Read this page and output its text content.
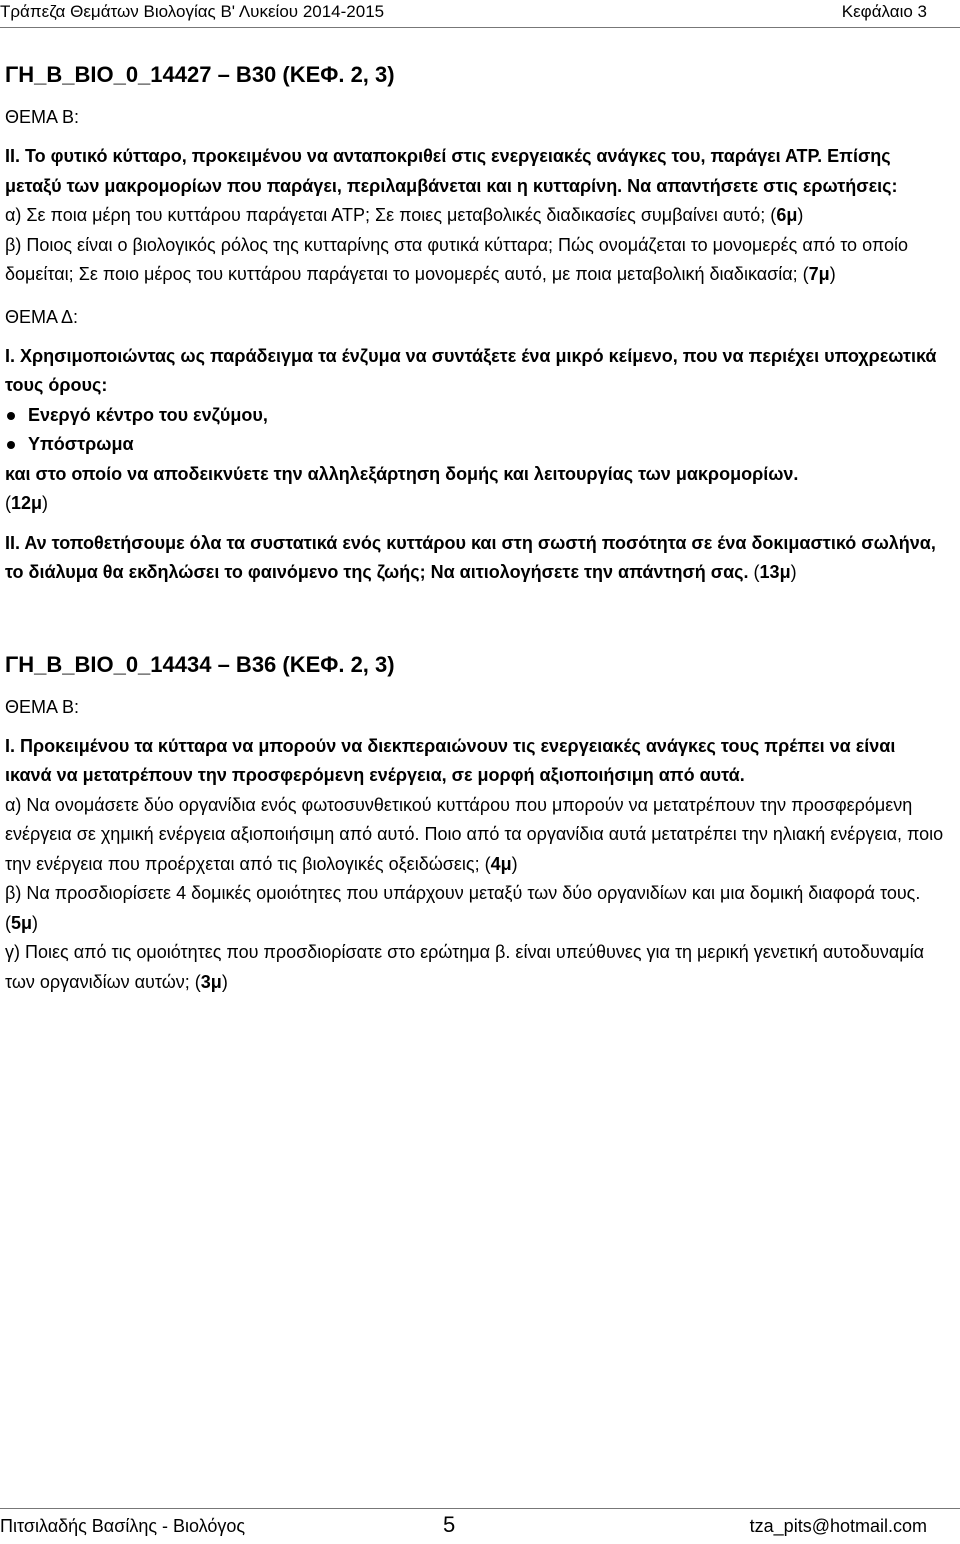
Τράπεζα Θεμάτων Βιολογίας Β' Λυκείου 2014-2015	Κεφάλαιο 3
ΓΗ_Β_ΒΙΟ_0_14427 – Β30 (ΚΕΦ. 2, 3)
ΘΕΜΑ Β:

ΙΙ. Το φυτικό κύτταρο, προκειμένου να ανταποκριθεί στις ενεργειακές ανάγκες του, παράγει ΑΤΡ. Επίσης μεταξύ των μακρομορίων που παράγει, περιλαμβάνεται και η κυτταρίνη. Να απαντήσετε στις ερωτήσεις:

α) Σε ποια μέρη του κυττάρου παράγεται ΑΤΡ; Σε ποιες μεταβολικές διαδικασίες συμβαίνει αυτό; (6μ)

β) Ποιος είναι ο βιολογικός ρόλος της κυτταρίνης στα φυτικά κύτταρα; Πώς ονομάζεται το μονομερές από το οποίο δομείται; Σε ποιο μέρος του κυττάρου παράγεται το μονομερές αυτό, με ποια μεταβολική διαδικασία; (7μ)

ΘΕΜΑ Δ:

Ι. Χρησιμοποιώντας ως παράδειγμα τα ένζυμα να συντάξετε ένα μικρό κείμενο, που να περιέχει υποχρεωτικά τους όρους:

Ενεργό κέντρο του ενζύμου,
Υπόστρωμα

και στο οποίο να αποδεικνύετε την αλληλεξάρτηση δομής και λειτουργίας των μακρομορίων.

(12μ)

ΙΙ. Αν τοποθετήσουμε όλα τα συστατικά ενός κυττάρου και στη σωστή ποσότητα σε ένα δοκιμαστικό σωλήνα, το διάλυμα θα εκδηλώσει το φαινόμενο της ζωής; Να αιτιολογήσετε την απάντησή σας. (13μ)

ΓΗ_Β_ΒΙΟ_0_14434 – Β36 (ΚΕΦ. 2, 3)
ΘΕΜΑ Β:

Ι. Προκειμένου τα κύτταρα να μπορούν να διεκπεραιώνουν τις ενεργειακές ανάγκες τους πρέπει να είναι ικανά να μετατρέπουν την προσφερόμενη ενέργεια, σε μορφή αξιοποιήσιμη από αυτά.

α) Να ονομάσετε δύο οργανίδια ενός φωτοσυνθετικού κυττάρου που μπορούν να μετατρέπουν την προσφερόμενη ενέργεια σε χημική ενέργεια αξιοποιήσιμη από αυτό. Ποιο από τα οργανίδια αυτά μετατρέπει την ηλιακή ενέργεια, ποιο την ενέργεια που προέρχεται από τις βιολογικές οξειδώσεις; (4μ)

β) Να προσδιορίσετε 4 δομικές ομοιότητες που υπάρχουν μεταξύ των δύο οργανιδίων και μια δομική διαφορά τους. (5μ)

γ) Ποιες από τις ομοιότητες που προσδιορίσατε στο ερώτημα β. είναι υπεύθυνες για τη μερική γενετική αυτοδυναμία των οργανιδίων αυτών; (3μ)

Πιτσιλαδής Βασίλης - Βιολόγος	5	tza_pits@hotmail.com
